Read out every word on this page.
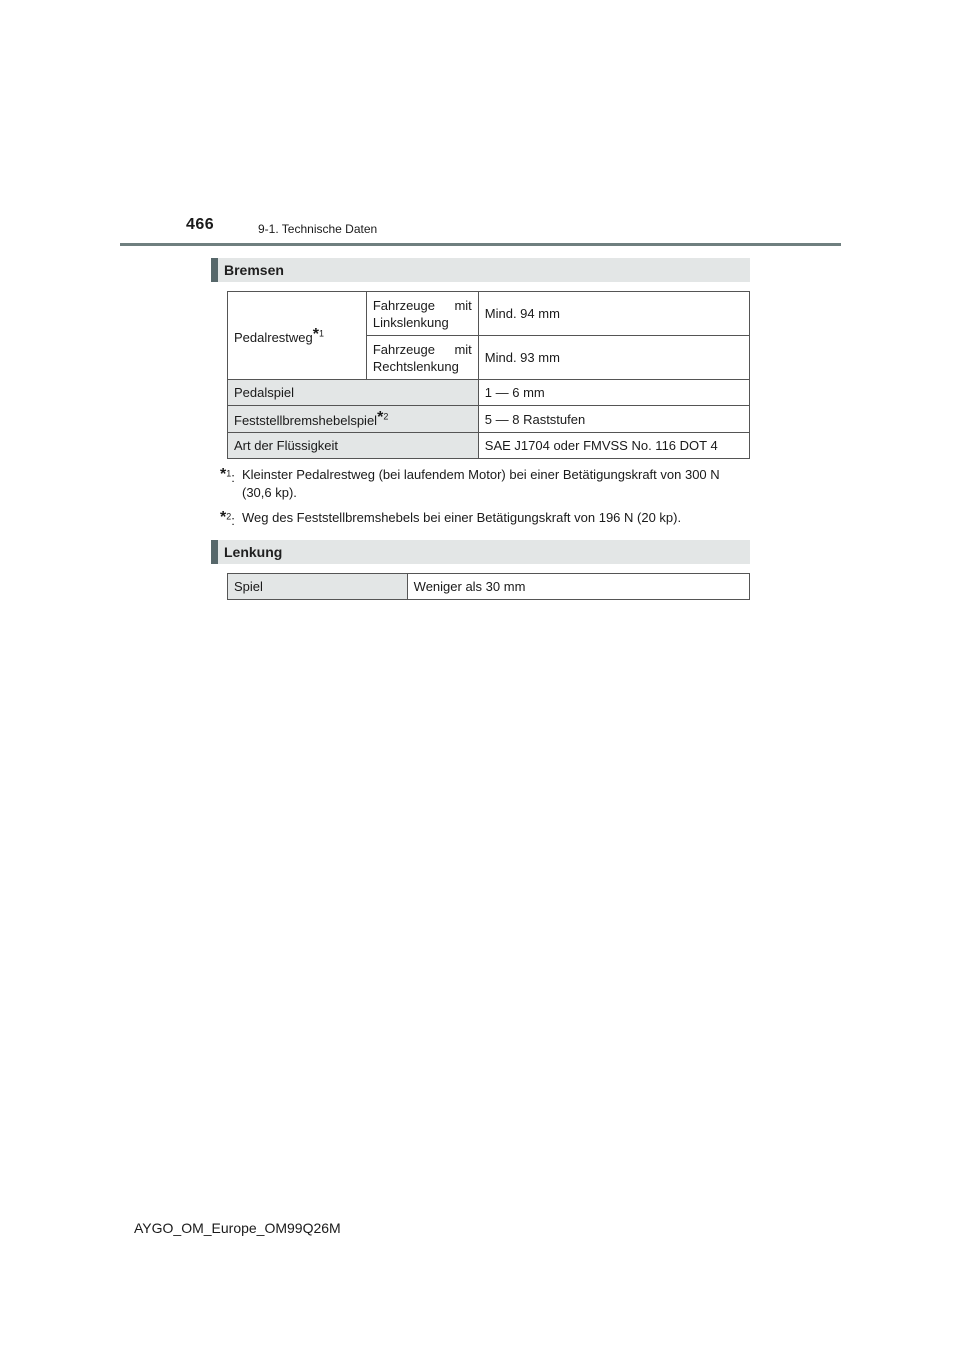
466	9-1. Technische Daten
Bremsen
Pedalrestweg*$^1$	Fahrzeuge mit Linkslenkung	Mind. 94 mm
	Fahrzeuge mit Rechtslenkung	Mind. 93 mm
Pedalspiel		1 — 6 mm
Feststellbremshebelspiel*$^2$		5 — 8 Raststufen
Art der Flüssigkeit		SAE J1704 oder FMVSS No. 116 DOT 4
*$^1$: Kleinster Pedalrestweg (bei laufendem Motor) bei einer Betätigungskraft von 300 N (30,6 kp).
*$^2$: Weg des Feststellbremshebels bei einer Betätigungskraft von 196 N (20 kp).
Lenkung
Spiel	Weniger als 30 mm
AYGO_OM_Europe_OM99Q26M
